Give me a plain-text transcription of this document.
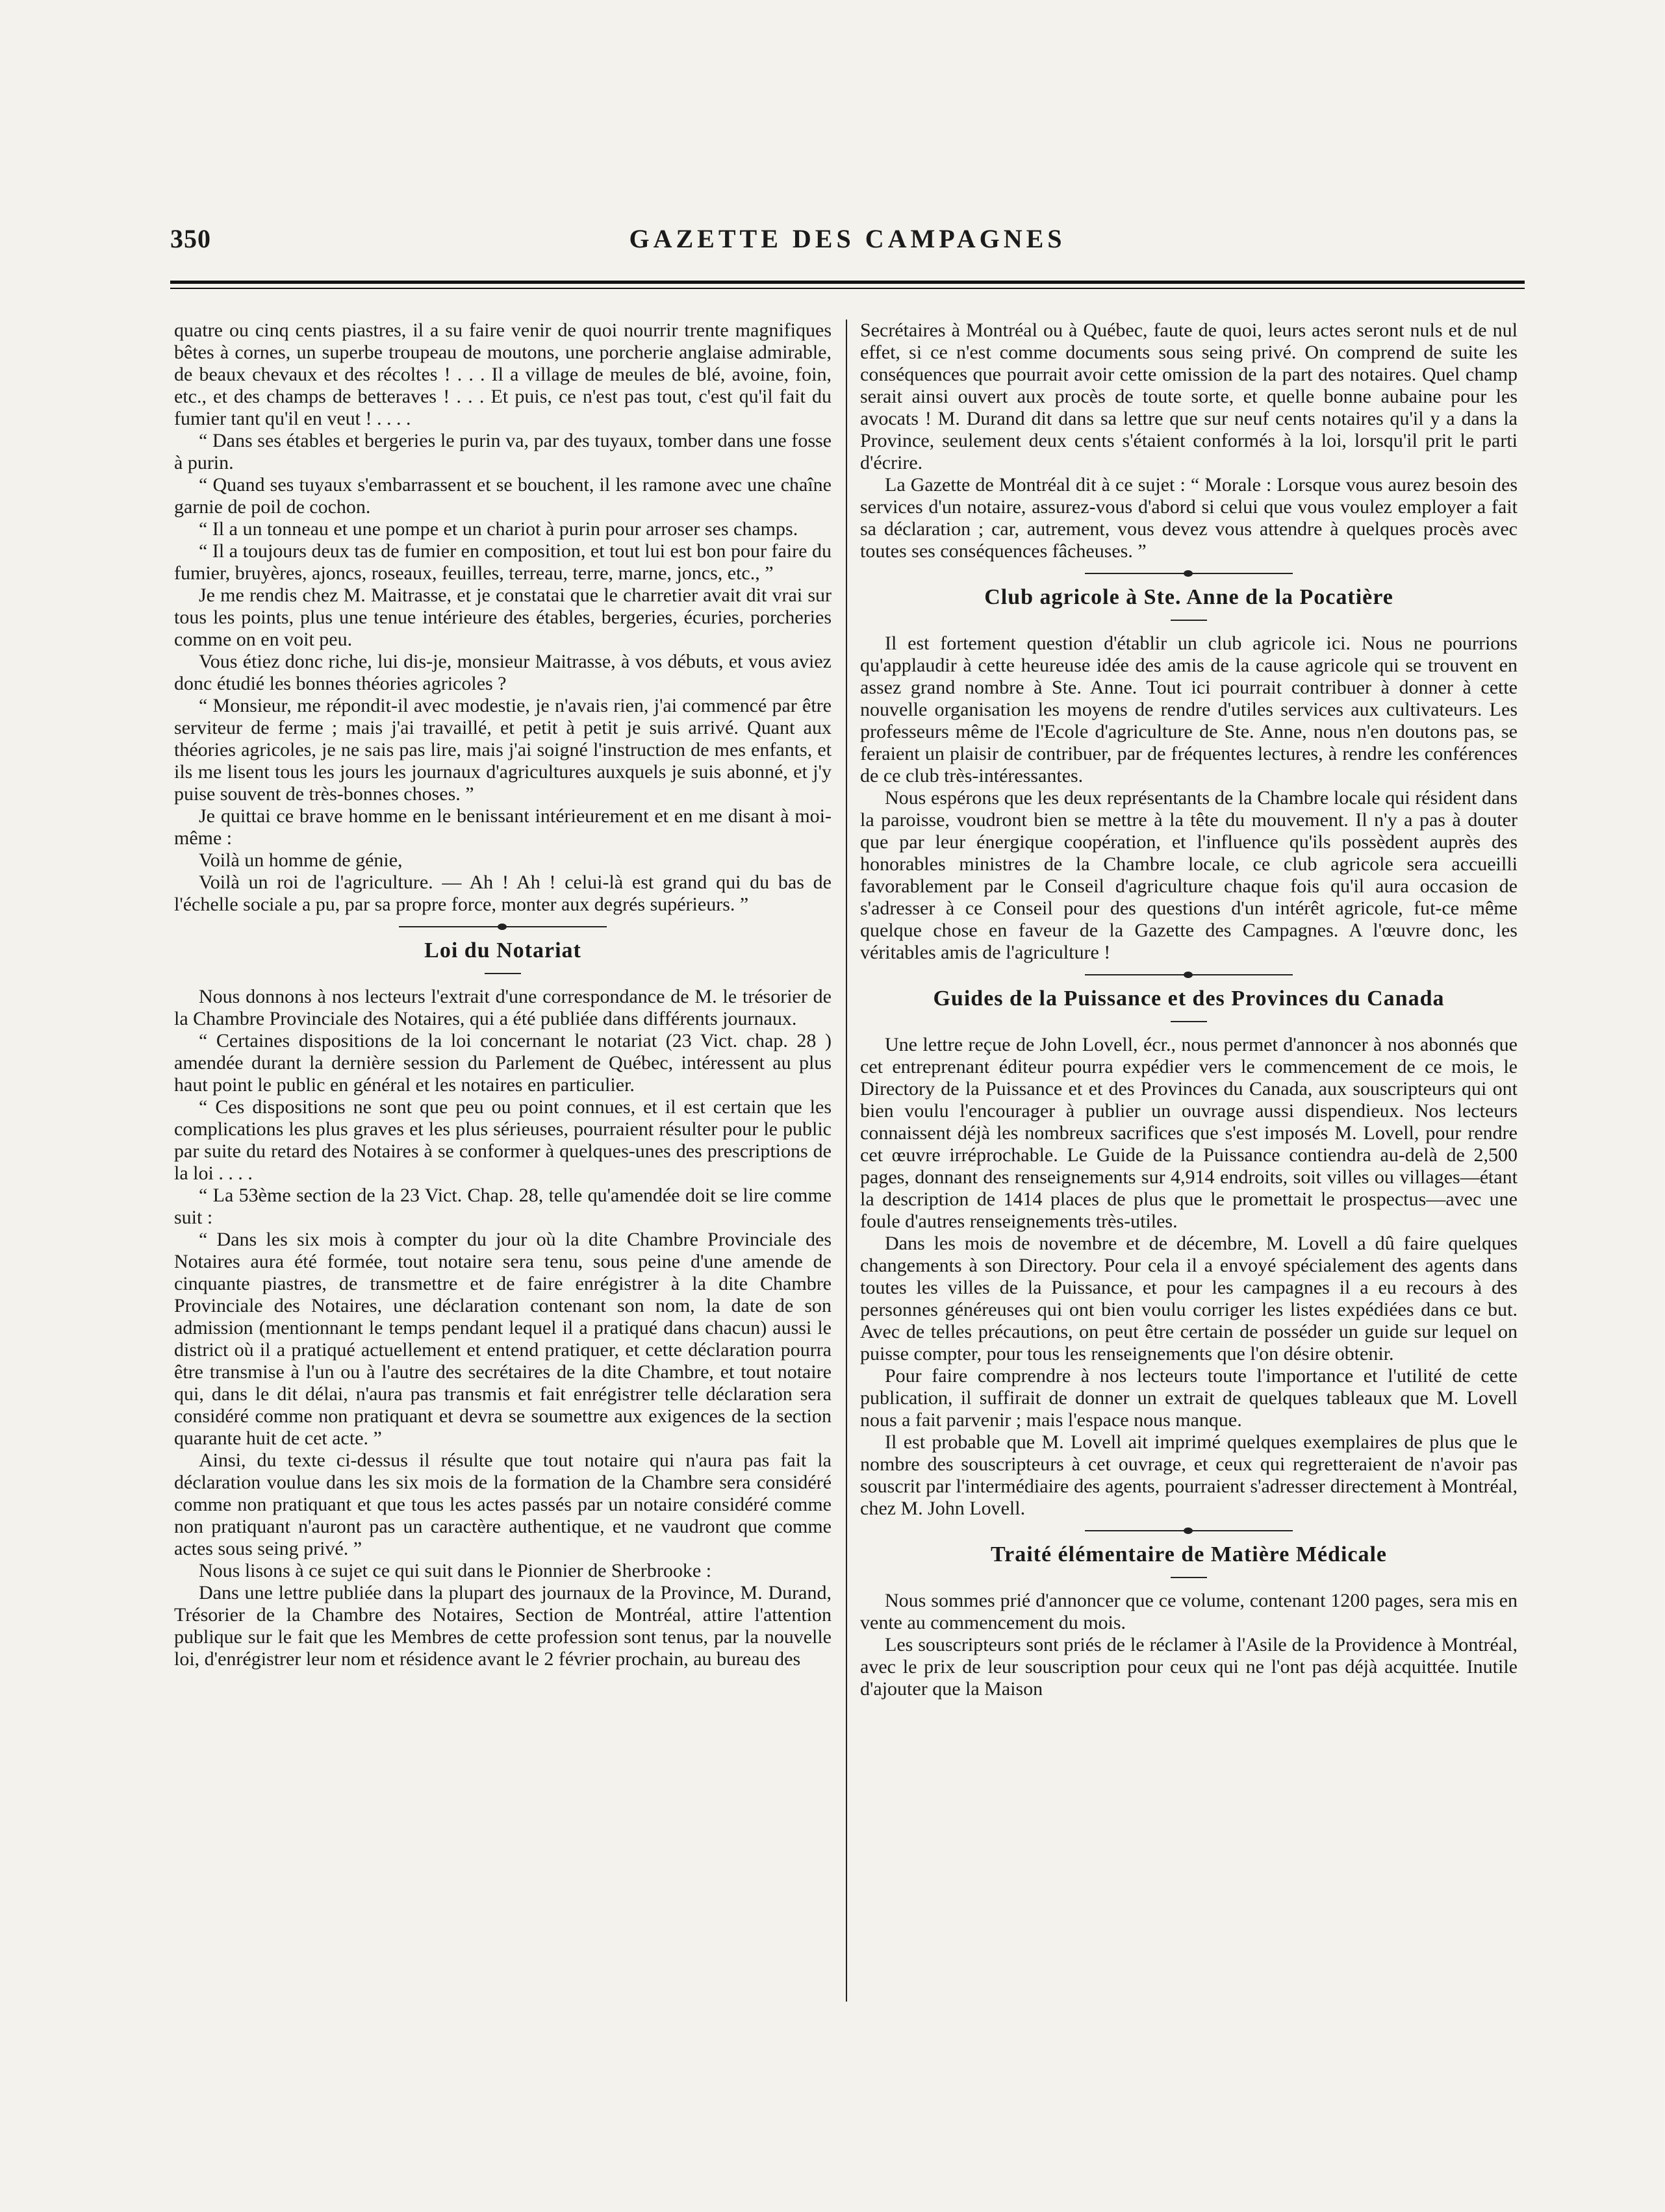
350	GAZETTE DES CAMPAGNES

quatre ou cinq cents piastres, il a su faire venir de quoi nourrir trente magnifiques bêtes à cornes, un superbe troupeau de moutons, une porcherie anglaise admirable, de beaux chevaux et des récoltes ! . . . Il a village de meules de blé, avoine, foin, etc., et des champs de betteraves ! . . . Et puis, ce n'est pas tout, c'est qu'il fait du fumier tant qu'il en veut ! . . . .

“ Dans ses étables et bergeries le purin va, par des tuyaux, tomber dans une fosse à purin.

“ Quand ses tuyaux s'embarrassent et se bouchent, il les ramone avec une chaîne garnie de poil de cochon.

“ Il a un tonneau et une pompe et un chariot à purin pour arroser ses champs.

“ Il a toujours deux tas de fumier en composition, et tout lui est bon pour faire du fumier, bruyères, ajoncs, roseaux, feuilles, terreau, terre, marne, joncs, etc., ”

Je me rendis chez M. Maitrasse, et je constatai que le charretier avait dit vrai sur tous les points, plus une tenue intérieure des étables, bergeries, écuries, porcheries comme on en voit peu.

Vous étiez donc riche, lui dis-je, monsieur Maitrasse, à vos débuts, et vous aviez donc étudié les bonnes théories agricoles ?

“ Monsieur, me répondit-il avec modestie, je n'avais rien, j'ai commencé par être serviteur de ferme ; mais j'ai travaillé, et petit à petit je suis arrivé. Quant aux théories agricoles, je ne sais pas lire, mais j'ai soigné l'instruction de mes enfants, et ils me lisent tous les jours les journaux d'agricultures auxquels je suis abonné, et j'y puise souvent de très-bonnes choses. ”

Je quittai ce brave homme en le benissant intérieurement et en me disant à moi-même :

Voilà un homme de génie,

Voilà un roi de l'agriculture. — Ah ! Ah ! celui-là est grand qui du bas de l'échelle sociale a pu, par sa propre force, monter aux degrés supérieurs. ”

Loi du Notariat

Nous donnons à nos lecteurs l'extrait d'une correspondance de M. le trésorier de la Chambre Provinciale des Notaires, qui a été publiée dans différents journaux.

“ Certaines dispositions de la loi concernant le notariat (23 Vict. chap. 28 ) amendée durant la dernière session du Parlement de Québec, intéressent au plus haut point le public en général et les notaires en particulier.

“ Ces dispositions ne sont que peu ou point connues, et il est certain que les complications les plus graves et les plus sérieuses, pourraient résulter pour le public par suite du retard des Notaires à se conformer à quelques-unes des prescriptions de la loi . . . .

“ La 53ème section de la 23 Vict. Chap. 28, telle qu'amendée doit se lire comme suit :

“ Dans les six mois à compter du jour où la dite Chambre Provinciale des Notaires aura été formée, tout notaire sera tenu, sous peine d'une amende de cinquante piastres, de transmettre et de faire enrégistrer à la dite Chambre Provinciale des Notaires, une déclaration contenant son nom, la date de son admission (mentionnant le temps pendant lequel il a pratiqué dans chacun) aussi le district où il a pratiqué actuellement et entend pratiquer, et cette déclaration pourra être transmise à l'un ou à l'autre des secrétaires de la dite Chambre, et tout notaire qui, dans le dit délai, n'aura pas transmis et fait enrégistrer telle déclaration sera considéré comme non pratiquant et devra se soumettre aux exigences de la section quarante huit de cet acte. ”

Ainsi, du texte ci-dessus il résulte que tout notaire qui n'aura pas fait la déclaration voulue dans les six mois de la formation de la Chambre sera considéré comme non pratiquant et que tous les actes passés par un notaire considéré comme non pratiquant n'auront pas un caractère authentique, et ne vaudront que comme actes sous seing privé. ”

Nous lisons à ce sujet ce qui suit dans le Pionnier de Sherbrooke :

Dans une lettre publiée dans la plupart des journaux de la Province, M. Durand, Trésorier de la Chambre des Notaires, Section de Montréal, attire l'attention publique sur le fait que les Membres de cette profession sont tenus, par la nouvelle loi, d'enrégistrer leur nom et résidence avant le 2 février prochain, au bureau des

Secrétaires à Montréal ou à Québec, faute de quoi, leurs actes seront nuls et de nul effet, si ce n'est comme documents sous seing privé. On comprend de suite les conséquences que pourrait avoir cette omission de la part des notaires. Quel champ serait ainsi ouvert aux procès de toute sorte, et quelle bonne aubaine pour les avocats ! M. Durand dit dans sa lettre que sur neuf cents notaires qu'il y a dans la Province, seulement deux cents s'étaient conformés à la loi, lorsqu'il prit le parti d'écrire.

La Gazette de Montréal dit à ce sujet : “ Morale : Lorsque vous aurez besoin des services d'un notaire, assurez-vous d'abord si celui que vous voulez employer a fait sa déclaration ; car, autrement, vous devez vous attendre à quelques procès avec toutes ses conséquences fâcheuses. ”

Club agricole à Ste. Anne de la Pocatière

Il est fortement question d'établir un club agricole ici. Nous ne pourrions qu'applaudir à cette heureuse idée des amis de la cause agricole qui se trouvent en assez grand nombre à Ste. Anne. Tout ici pourrait contribuer à donner à cette nouvelle organisation les moyens de rendre d'utiles services aux cultivateurs. Les professeurs même de l'Ecole d'agriculture de Ste. Anne, nous n'en doutons pas, se feraient un plaisir de contribuer, par de fréquentes lectures, à rendre les conférences de ce club très-intéressantes.

Nous espérons que les deux représentants de la Chambre locale qui résident dans la paroisse, voudront bien se mettre à la tête du mouvement. Il n'y a pas à douter que par leur énergique coopération, et l'influence qu'ils possèdent auprès des honorables ministres de la Chambre locale, ce club agricole sera accueilli favorablement par le Conseil d'agriculture chaque fois qu'il aura occasion de s'adresser à ce Conseil pour des questions d'un intérêt agricole, fut-ce même quelque chose en faveur de la Gazette des Campagnes. A l'œuvre donc, les véritables amis de l'agriculture !

Guides de la Puissance et des Provinces du Canada

Une lettre reçue de John Lovell, écr., nous permet d'annoncer à nos abonnés que cet entreprenant éditeur pourra expédier vers le commencement de ce mois, le Directory de la Puissance et et des Provinces du Canada, aux souscripteurs qui ont bien voulu l'encourager à publier un ouvrage aussi dispendieux. Nos lecteurs connaissent déjà les nombreux sacrifices que s'est imposés M. Lovell, pour rendre cet œuvre irréprochable. Le Guide de la Puissance contiendra au-delà de 2,500 pages, donnant des renseignements sur 4,914 endroits, soit villes ou villages—étant la description de 1414 places de plus que le promettait le prospectus—avec une foule d'autres renseignements très-utiles.

Dans les mois de novembre et de décembre, M. Lovell a dû faire quelques changements à son Directory. Pour cela il a envoyé spécialement des agents dans toutes les villes de la Puissance, et pour les campagnes il a eu recours à des personnes généreuses qui ont bien voulu corriger les listes expédiées dans ce but. Avec de telles précautions, on peut être certain de posséder un guide sur lequel on puisse compter, pour tous les renseignements que l'on désire obtenir.

Pour faire comprendre à nos lecteurs toute l'importance et l'utilité de cette publication, il suffirait de donner un extrait de quelques tableaux que M. Lovell nous a fait parvenir ; mais l'espace nous manque.

Il est probable que M. Lovell ait imprimé quelques exemplaires de plus que le nombre des souscripteurs à cet ouvrage, et ceux qui regretteraient de n'avoir pas souscrit par l'intermédiaire des agents, pourraient s'adresser directement à Montréal, chez M. John Lovell.

Traité élémentaire de Matière Médicale

Nous sommes prié d'annoncer que ce volume, contenant 1200 pages, sera mis en vente au commencement du mois.

Les souscripteurs sont priés de le réclamer à l'Asile de la Providence à Montréal, avec le prix de leur souscription pour ceux qui ne l'ont pas déjà acquittée. Inutile d'ajouter que la Maison
